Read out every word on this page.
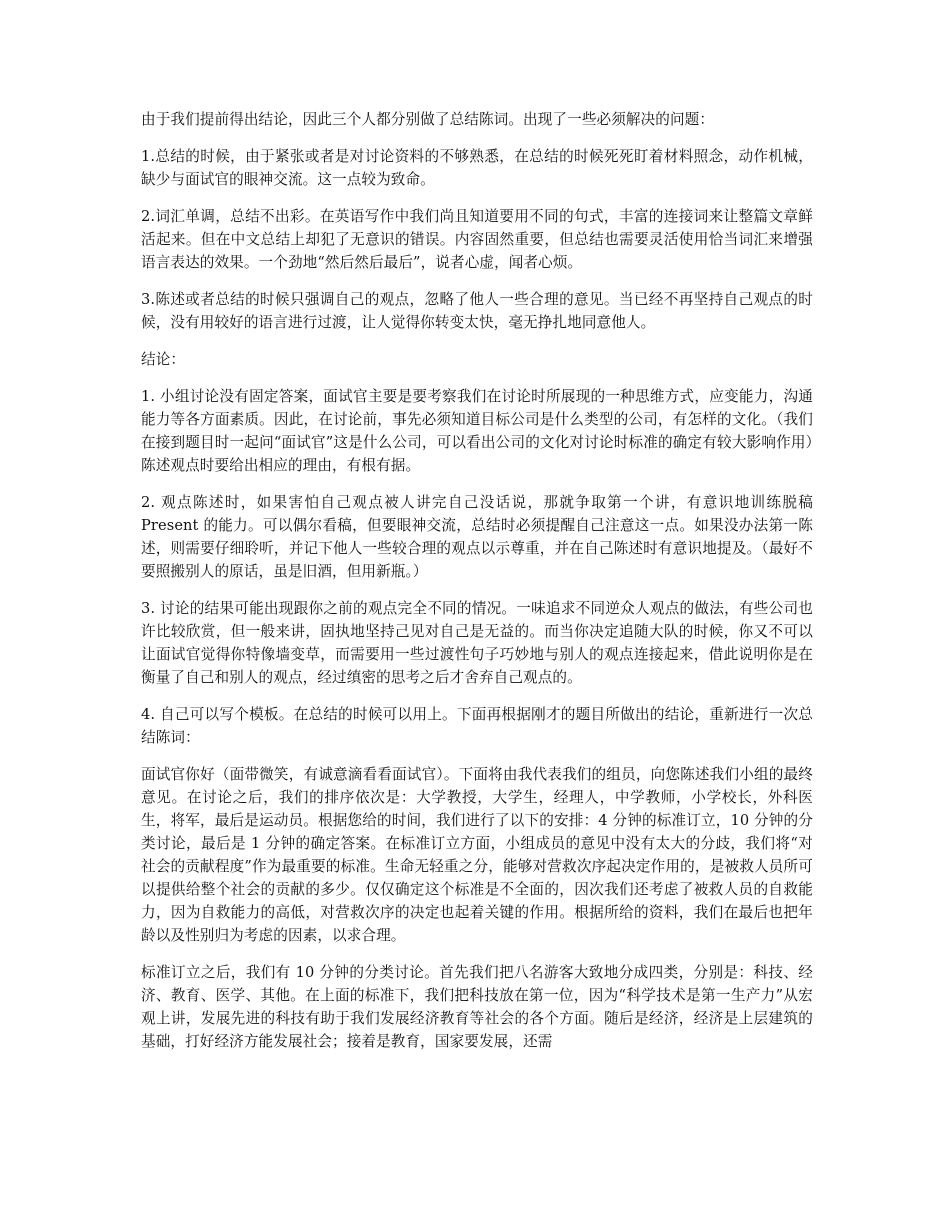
由于我们提前得出结论，因此三个人都分别做了总结陈词。出现了一些必须解决的问题：

1.总结的时候，由于紧张或者是对讨论资料的不够熟悉，在总结的时候死死盯着材料照念，动作机械，缺少与面试官的眼神交流。这一点较为致命。

2.词汇单调，总结不出彩。在英语写作中我们尚且知道要用不同的句式，丰富的连接词来让整篇文章鲜活起来。但在中文总结上却犯了无意识的错误。内容固然重要，但总结也需要灵活使用恰当词汇来增强语言表达的效果。一个劲地“然后然后最后”，说者心虚，闻者心烦。

3.陈述或者总结的时候只强调自己的观点，忽略了他人一些合理的意见。当已经不再坚持自己观点的时候，没有用较好的语言进行过渡，让人觉得你转变太快，毫无挣扎地同意他人。

结论：

1. 小组讨论没有固定答案，面试官主要是要考察我们在讨论时所展现的一种思维方式，应变能力，沟通能力等各方面素质。因此，在讨论前，事先必须知道目标公司是什么类型的公司，有怎样的文化。（我们在接到题目时一起问“面试官”这是什么公司，可以看出公司的文化对讨论时标准的确定有较大影响作用）陈述观点时要给出相应的理由，有根有据。

2. 观点陈述时，如果害怕自己观点被人讲完自己没话说，那就争取第一个讲，有意识地训练脱稿 Present 的能力。可以偶尔看稿，但要眼神交流，总结时必须提醒自己注意这一点。如果没办法第一陈述，则需要仔细聆听，并记下他人一些较合理的观点以示尊重，并在自己陈述时有意识地提及。（最好不要照搬别人的原话，虽是旧酒，但用新瓶。）

3. 讨论的结果可能出现跟你之前的观点完全不同的情况。一味追求不同逆众人观点的做法，有些公司也许比较欣赏，但一般来讲，固执地坚持己见对自己是无益的。而当你决定追随大队的时候，你又不可以让面试官觉得你特像墙变草，而需要用一些过渡性句子巧妙地与别人的观点连接起来，借此说明你是在衡量了自己和别人的观点，经过缜密的思考之后才舍弃自己观点的。

4. 自己可以写个模板。在总结的时候可以用上。下面再根据刚才的题目所做出的结论，重新进行一次总结陈词：

面试官你好（面带微笑，有诚意滴看看面试官）。下面将由我代表我们的组员，向您陈述我们小组的最终意见。在讨论之后，我们的排序依次是：大学教授，大学生，经理人，中学教师，小学校长，外科医生，将军，最后是运动员。根据您给的时间，我们进行了以下的安排：4 分钟的标准订立，10 分钟的分类讨论，最后是 1 分钟的确定答案。在标准订立方面，小组成员的意见中没有太大的分歧，我们将“对社会的贡献程度”作为最重要的标准。生命无轻重之分，能够对营救次序起决定作用的，是被救人员所可以提供给整个社会的贡献的多少。仅仅确定这个标准是不全面的，因次我们还考虑了被救人员的自救能力，因为自救能力的高低，对营救次序的决定也起着关键的作用。根据所给的资料，我们在最后也把年龄以及性别归为考虑的因素，以求合理。

标准订立之后，我们有 10 分钟的分类讨论。首先我们把八名游客大致地分成四类，分别是：科技、经济、教育、医学、其他。在上面的标准下，我们把科技放在第一位，因为“科学技术是第一生产力”从宏观上讲，发展先进的科技有助于我们发展经济教育等社会的各个方面。随后是经济，经济是上层建筑的基础，打好经济方能发展社会；接着是教育，国家要发展，还需
